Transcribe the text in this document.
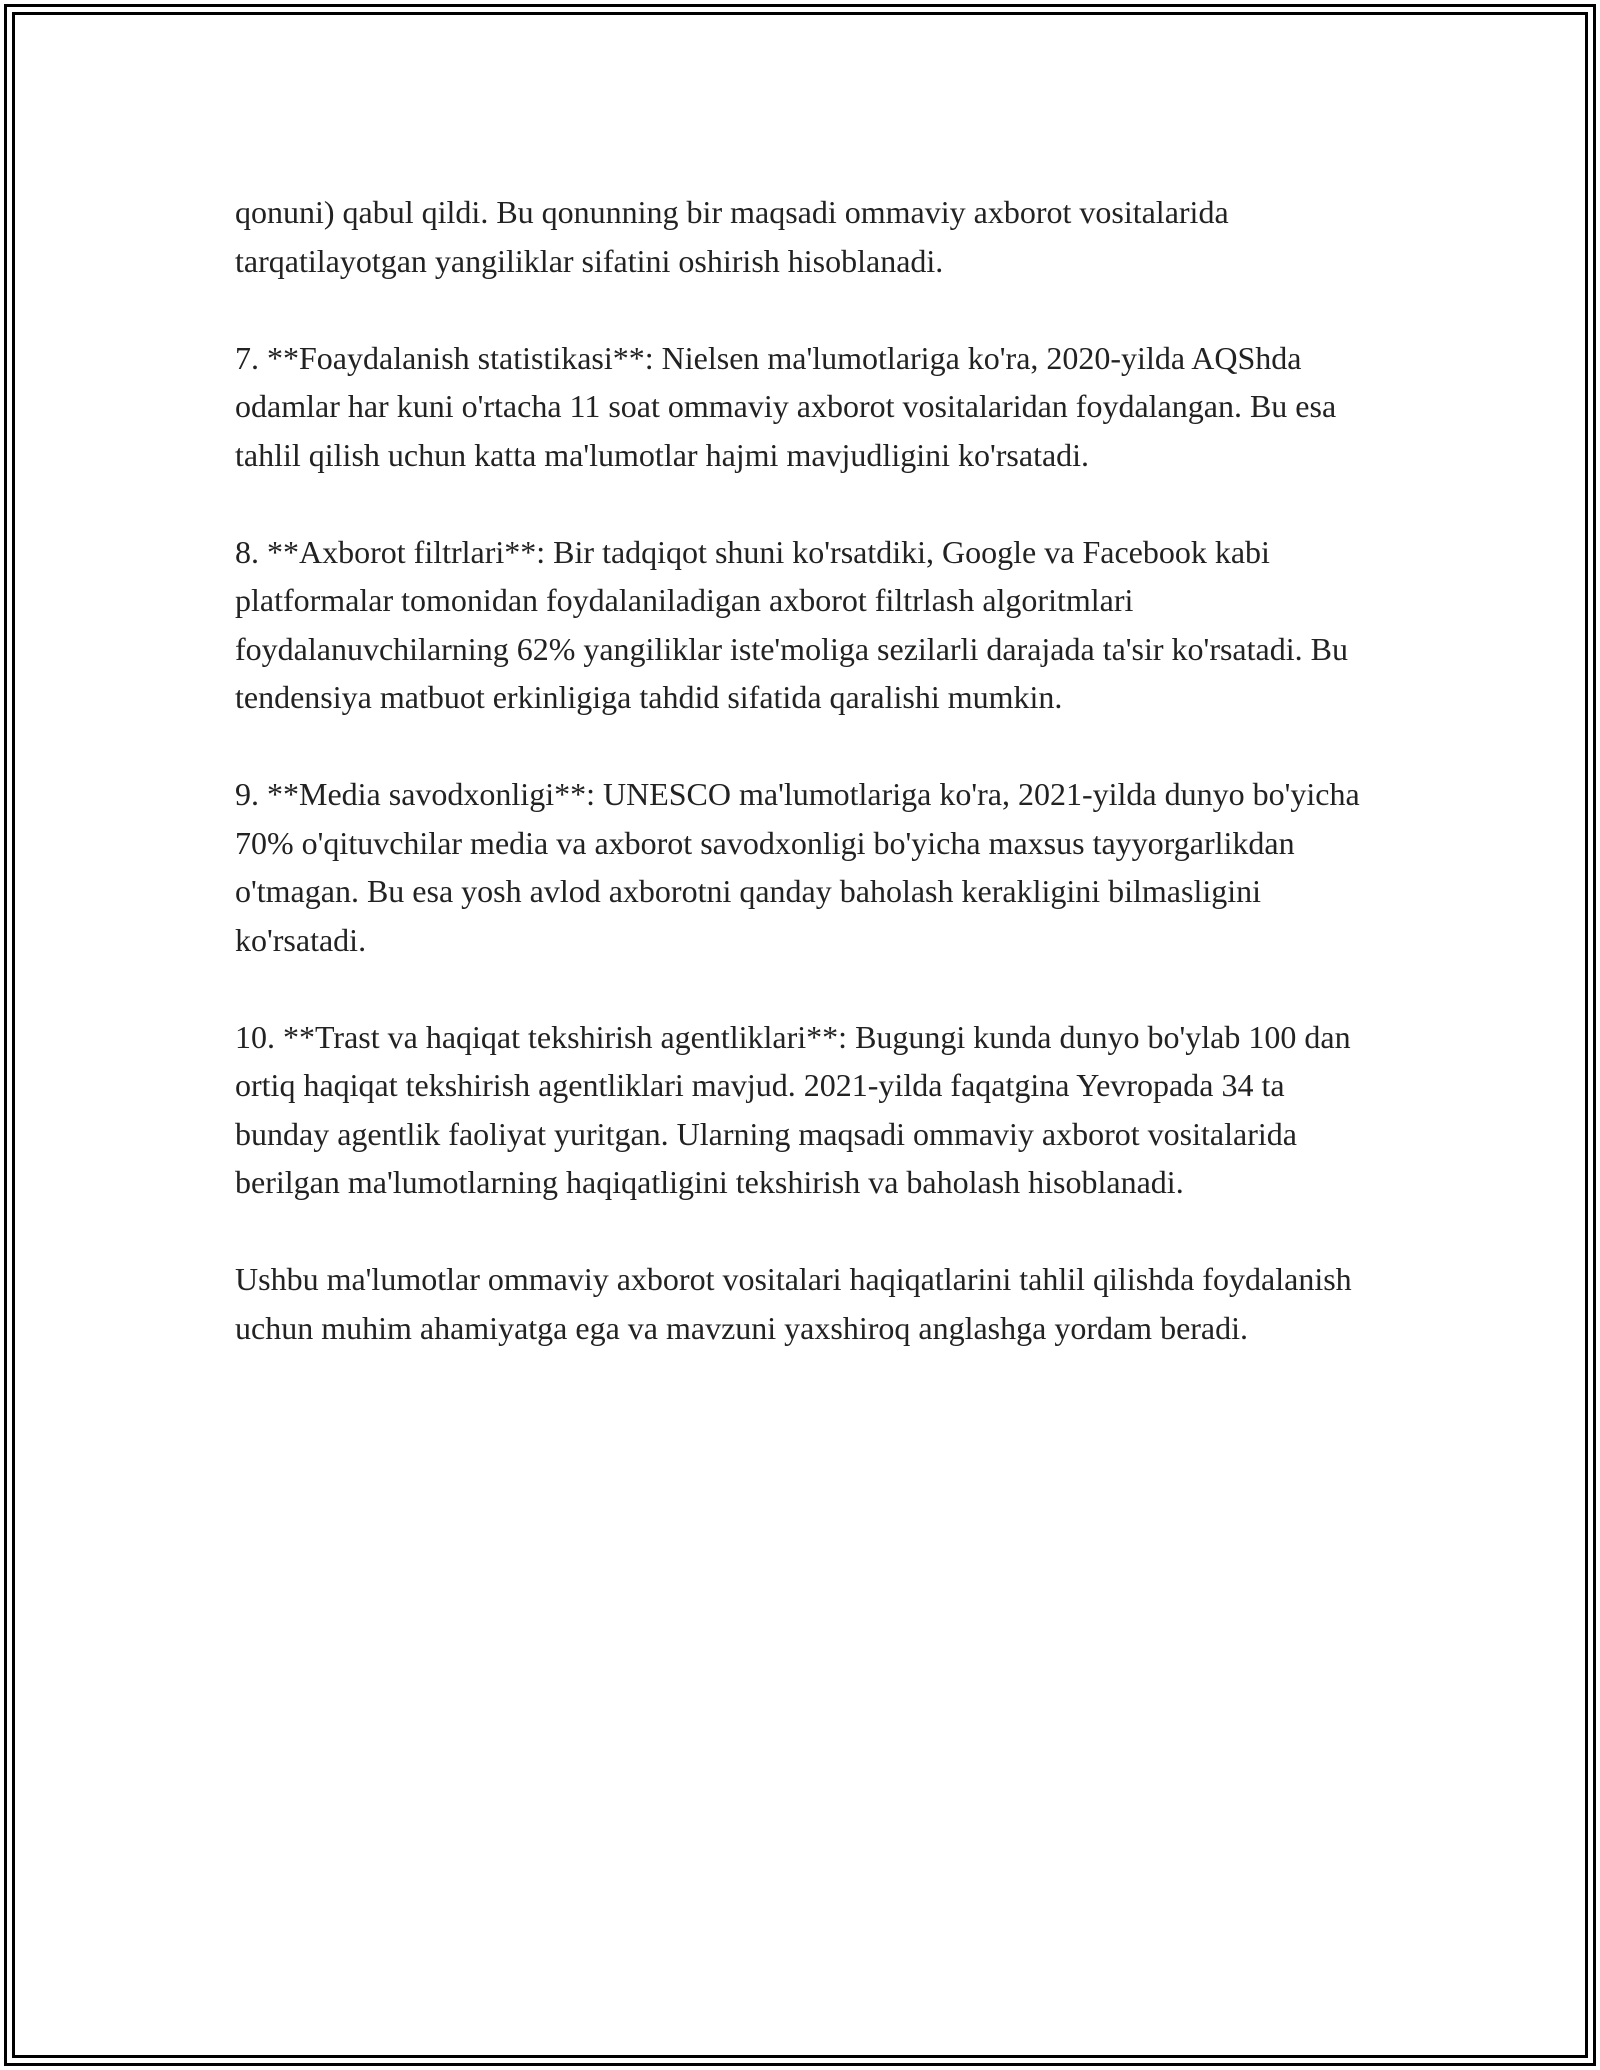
qonuni) qabul qildi. Bu qonunning bir maqsadi ommaviy axborot vositalarida tarqatilayotgan yangiliklar sifatini oshirish hisoblanadi.

7. **Foaydalanish statistikasi**: Nielsen ma'lumotlariga ko'ra, 2020-yilda AQShda odamlar har kuni o'rtacha 11 soat ommaviy axborot vositalaridan foydalangan. Bu esa tahlil qilish uchun katta ma'lumotlar hajmi mavjudligini ko'rsatadi.

8. **Axborot filtrlari**: Bir tadqiqot shuni ko'rsatdiki, Google va Facebook kabi platformalar tomonidan foydalaniladigan axborot filtrlash algoritmlari foydalanuvchilarning 62% yangiliklar iste'moliga sezilarli darajada ta'sir ko'rsatadi. Bu tendensiya matbuot erkinligiga tahdid sifatida qaralishi mumkin.

9. **Media savodxonligi**: UNESCO ma'lumotlariga ko'ra, 2021-yilda dunyo bo'yicha 70% o'qituvchilar media va axborot savodxonligi bo'yicha maxsus tayyorgarlikdan o'tmagan. Bu esa yosh avlod axborotni qanday baholash kerakligini bilmasligini ko'rsatadi.

10. **Trast va haqiqat tekshirish agentliklari**: Bugungi kunda dunyo bo'ylab 100 dan ortiq haqiqat tekshirish agentliklari mavjud. 2021-yilda faqatgina Yevropada 34 ta bunday agentlik faoliyat yuritgan. Ularning maqsadi ommaviy axborot vositalarida berilgan ma'lumotlarning haqiqatligini tekshirish va baholash hisoblanadi.

Ushbu ma'lumotlar ommaviy axborot vositalari haqiqatlarini tahlil qilishda foydalanish uchun muhim ahamiyatga ega va mavzuni yaxshiroq anglashga yordam beradi.
